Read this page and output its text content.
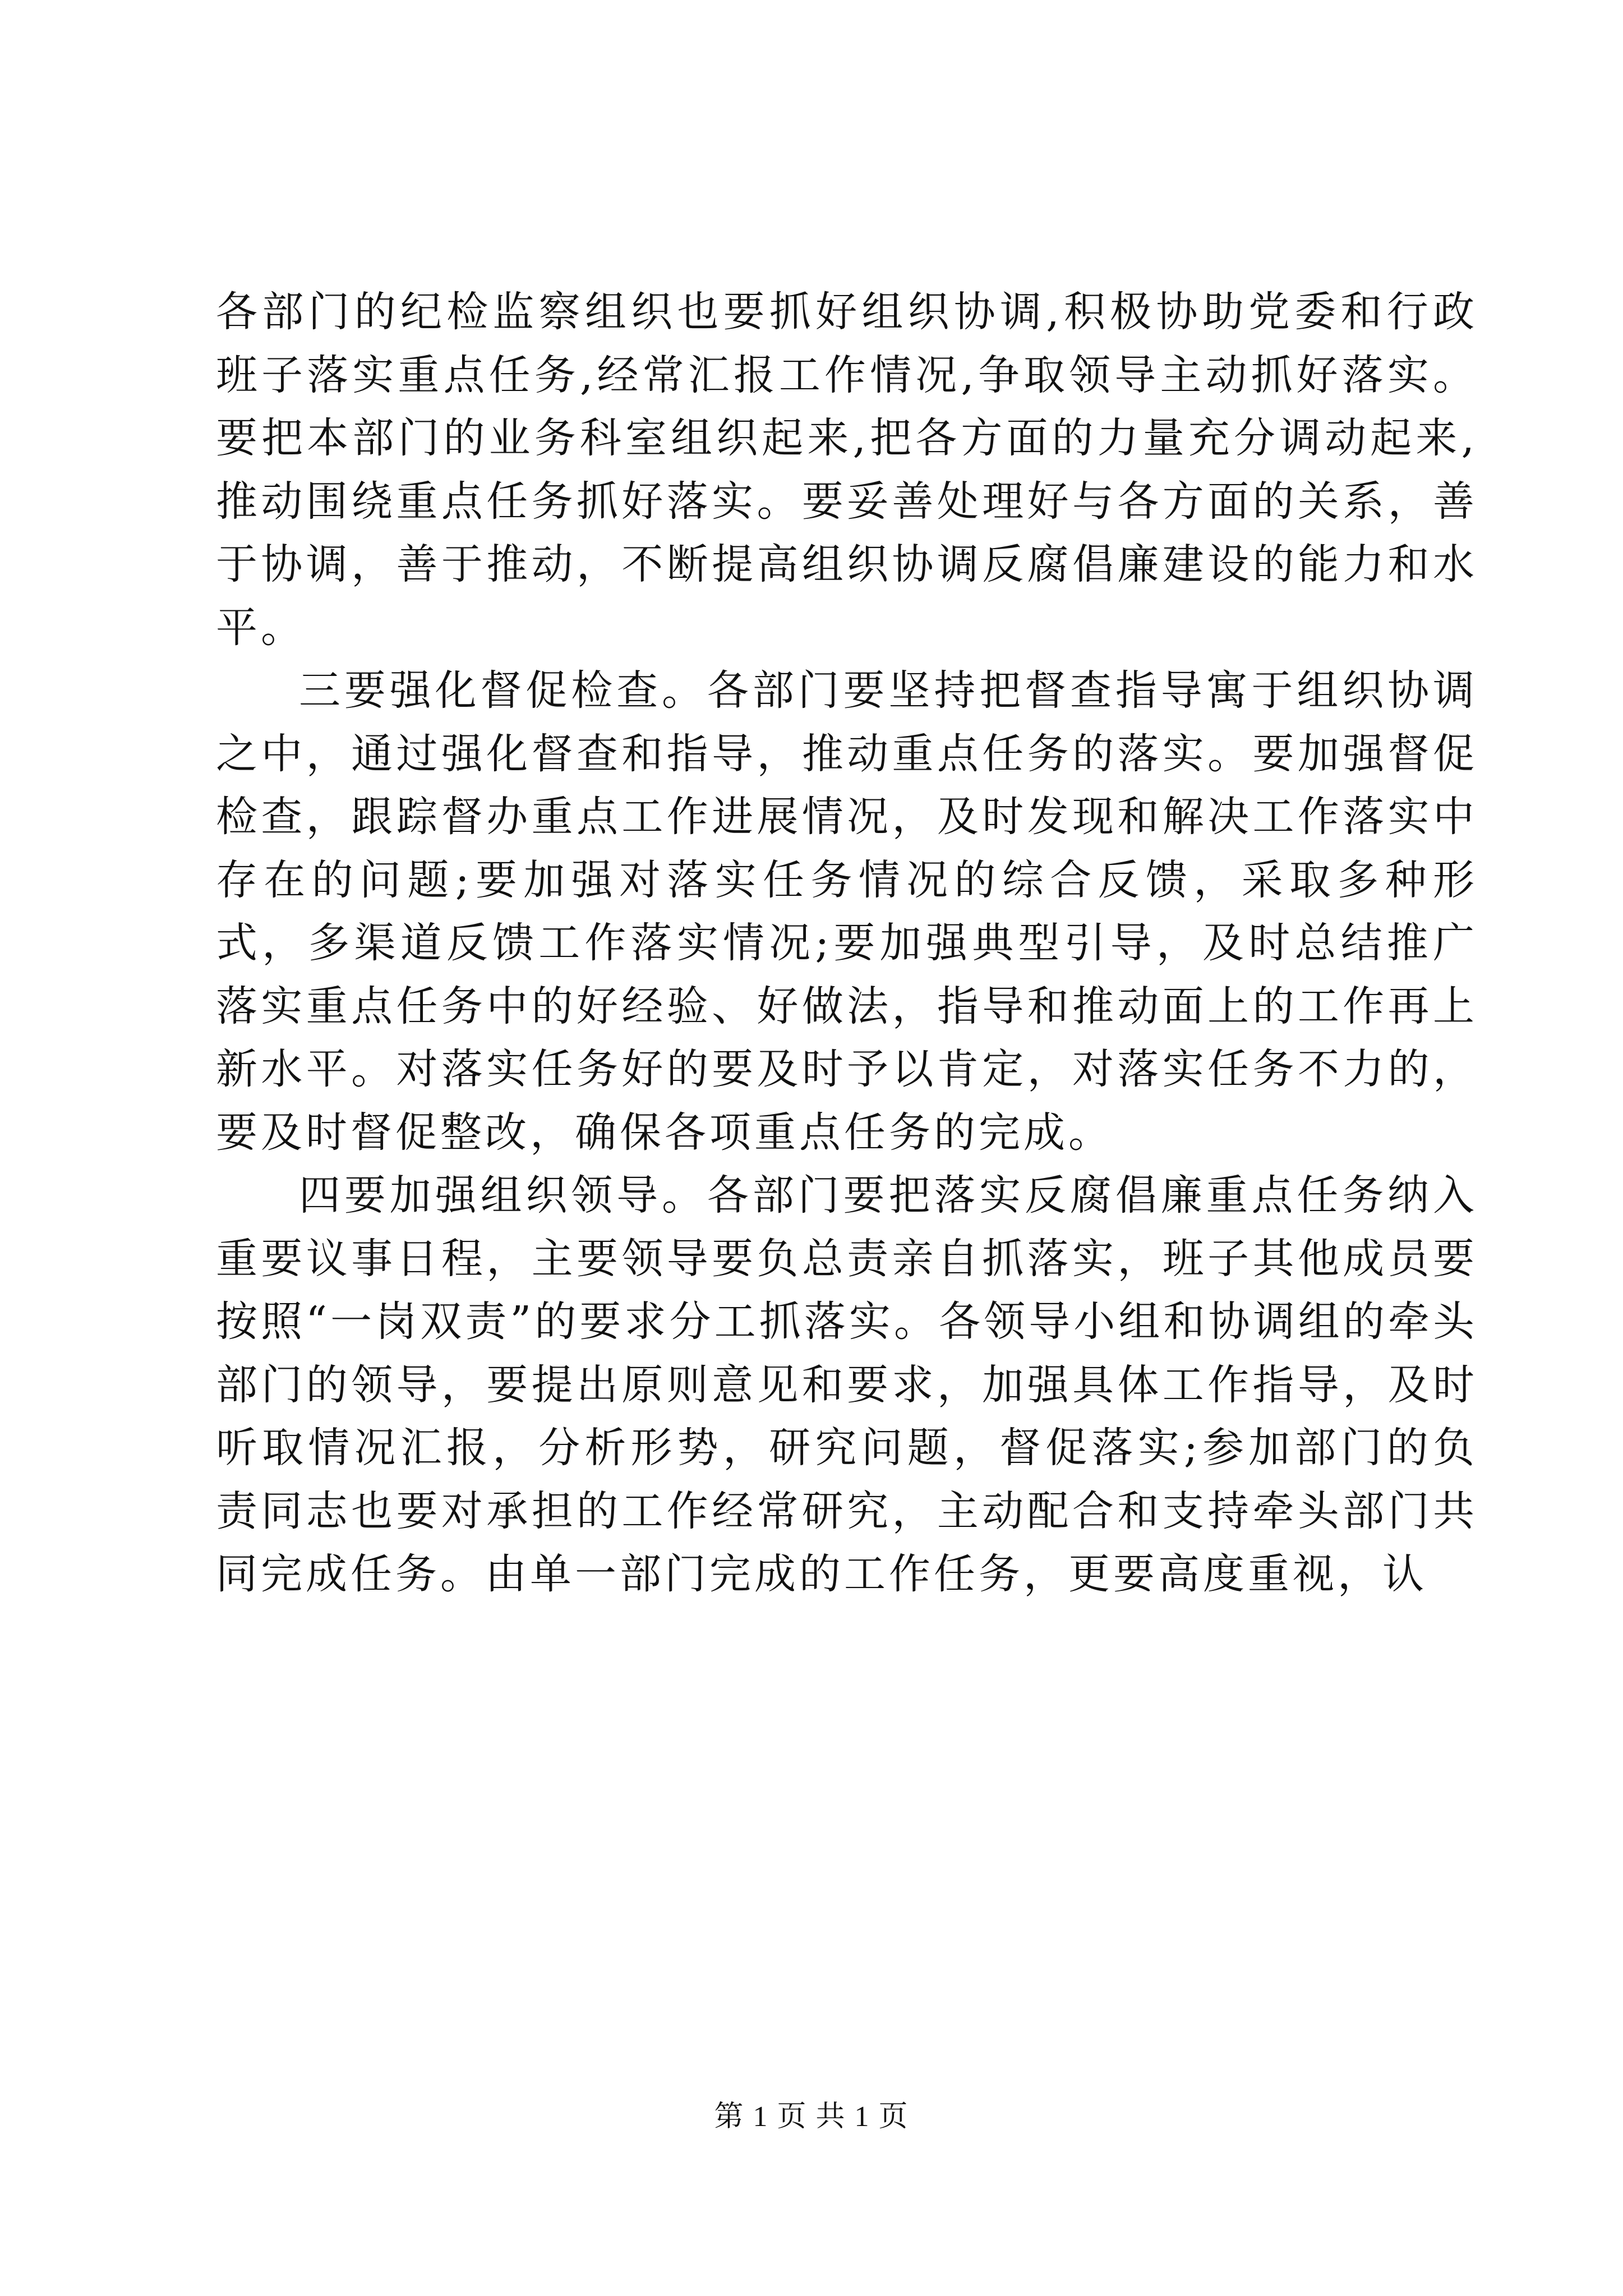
各部门的纪检监察组织也要抓好组织协调,积极协助党委和行政班子落实重点任务,经常汇报工作情况,争取领导主动抓好落实。要把本部门的业务科室组织起来,把各方面的力量充分调动起来,推动围绕重点任务抓好落实。要妥善处理好与各方面的关系，善于协调，善于推动，不断提高组织协调反腐倡廉建设的能力和水平。

三要强化督促检查。各部门要坚持把督查指导寓于组织协调之中，通过强化督查和指导，推动重点任务的落实。要加强督促检查，跟踪督办重点工作进展情况，及时发现和解决工作落实中存在的问题;要加强对落实任务情况的综合反馈，采取多种形式，多渠道反馈工作落实情况;要加强典型引导，及时总结推广落实重点任务中的好经验、好做法，指导和推动面上的工作再上新水平。对落实任务好的要及时予以肯定，对落实任务不力的，要及时督促整改，确保各项重点任务的完成。

四要加强组织领导。各部门要把落实反腐倡廉重点任务纳入重要议事日程，主要领导要负总责亲自抓落实，班子其他成员要按照“一岗双责”的要求分工抓落实。各领导小组和协调组的牵头部门的领导，要提出原则意见和要求，加强具体工作指导，及时听取情况汇报，分析形势，研究问题，督促落实;参加部门的负责同志也要对承担的工作经常研究，主动配合和支持牵头部门共同完成任务。由单一部门完成的工作任务，更要高度重视，认

第 1 页 共 1 页
